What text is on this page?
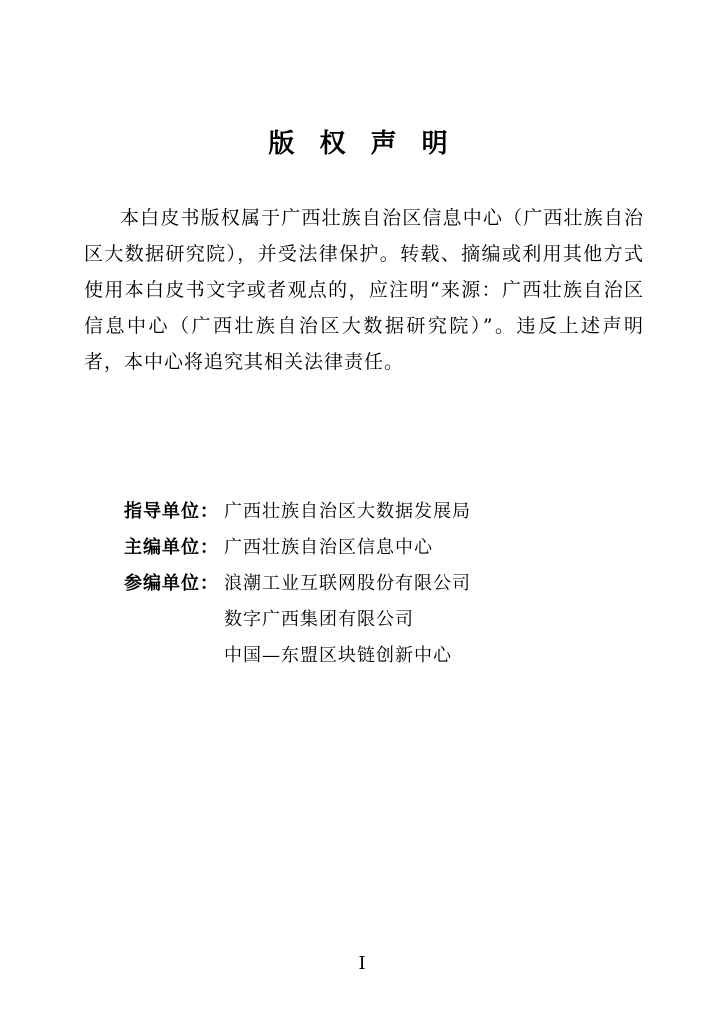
版 权 声 明

本白皮书版权属于广西壮族自治区信息中心（广西壮族自治区大数据研究院），并受法律保护。转载、摘编或利用其他方式使用本白皮书文字或者观点的，应注明“来源：广西壮族自治区信息中心（广西壮族自治区大数据研究院）”。违反上述声明者，本中心将追究其相关法律责任。

指导单位： 广西壮族自治区大数据发展局
主编单位： 广西壮族自治区信息中心
参编单位： 浪潮工业互联网股份有限公司
数字广西集团有限公司
中国—东盟区块链创新中心
I
